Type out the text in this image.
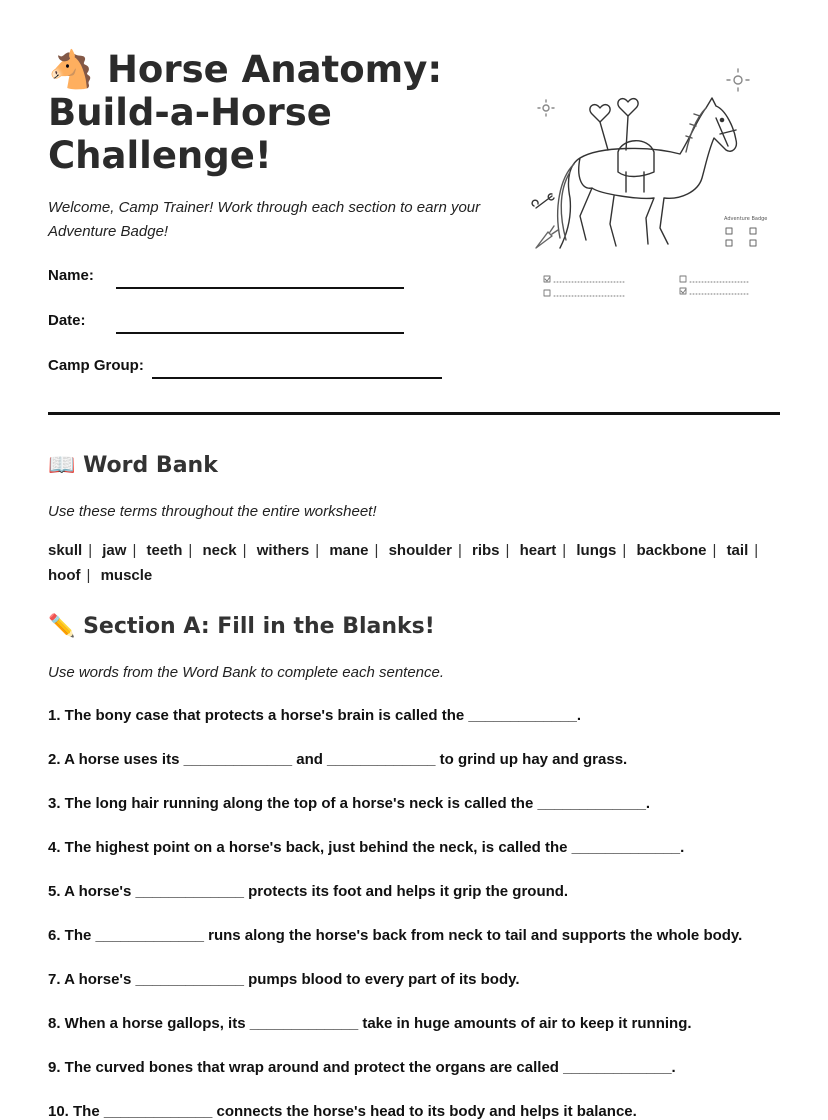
🐴 Horse Anatomy:
Build-a-Horse
Challenge!
Welcome, Camp Trainer! Work through each section to earn your Adventure Badge!
Name:
Date:
Camp Group:
Adventure Badge
📖 Word Bank
Use these terms throughout the entire worksheet!
skull | jaw | teeth | neck | withers | mane | shoulder | ribs | heart | lungs | backbone | tail | hoof | muscle
✏️ Section A: Fill in the Blanks!
Use words from the Word Bank to complete each sentence.
1. The bony case that protects a horse's brain is called the _____________.
2. A horse uses its _____________ and _____________ to grind up hay and grass.
3. The long hair running along the top of a horse's neck is called the _____________.
4. The highest point on a horse's back, just behind the neck, is called the _____________.
5. A horse's _____________ protects its foot and helps it grip the ground.
6. The _____________ runs along the horse's back from neck to tail and supports the whole body.
7. A horse's _____________ pumps blood to every part of its body.
8. When a horse gallops, its _____________ take in huge amounts of air to keep it running.
9. The curved bones that wrap around and protect the organs are called _____________.
10. The _____________ connects the horse's head to its body and helps it balance.
